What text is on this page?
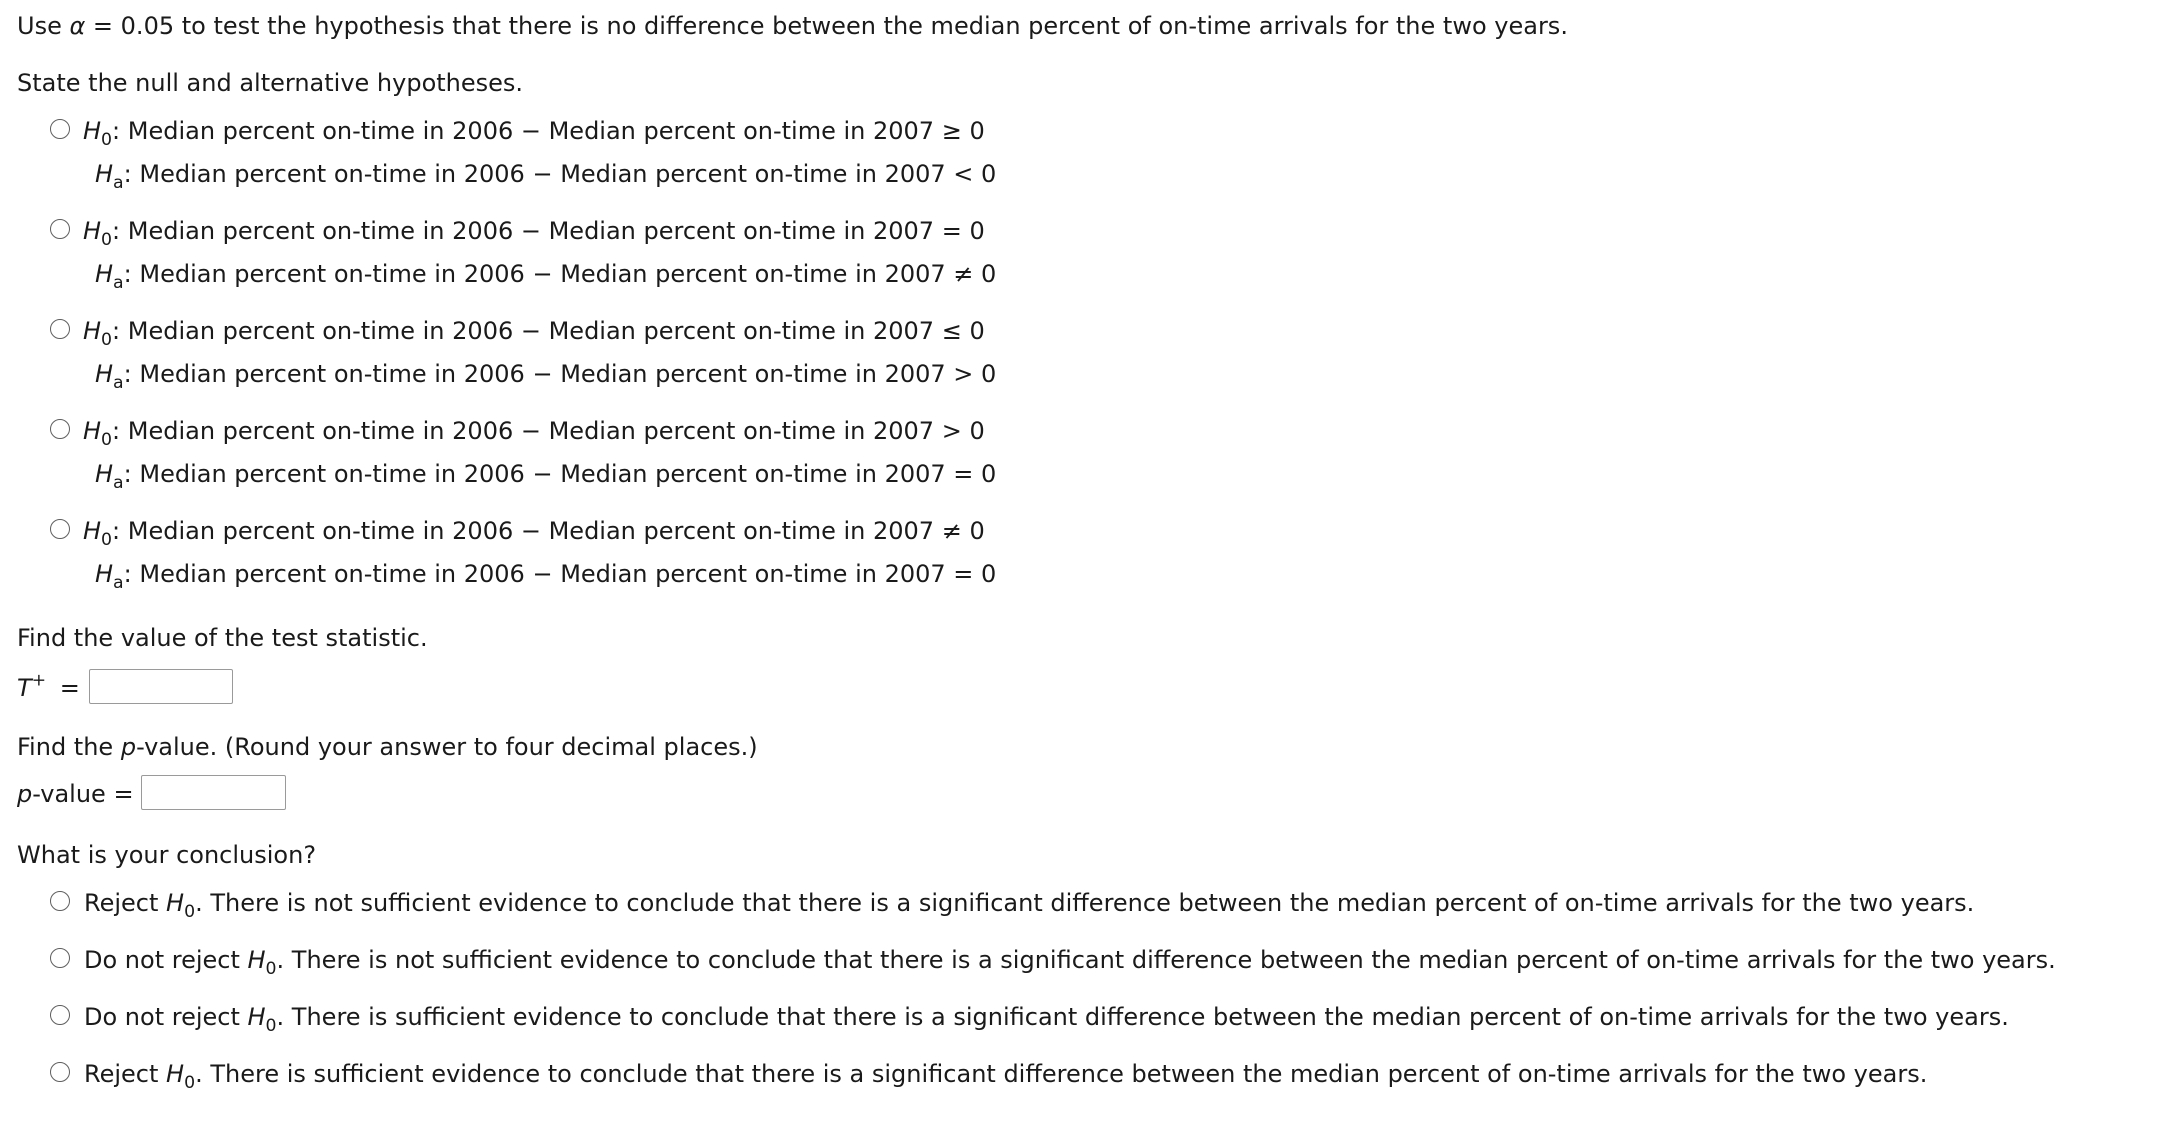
Use α = 0.05 to test the hypothesis that there is no difference between the median percent of on-time arrivals for the two years.
State the null and alternative hypotheses.
$H_0$: Median percent on-time in 2006 − Median percent on-time in 2007 ≥ 0
$H_a$: Median percent on-time in 2006 − Median percent on-time in 2007 < 0
$H_0$: Median percent on-time in 2006 − Median percent on-time in 2007 = 0
$H_a$: Median percent on-time in 2006 − Median percent on-time in 2007 ≠ 0
$H_0$: Median percent on-time in 2006 − Median percent on-time in 2007 ≤ 0
$H_a$: Median percent on-time in 2006 − Median percent on-time in 2007 > 0
$H_0$: Median percent on-time in 2006 − Median percent on-time in 2007 > 0
$H_a$: Median percent on-time in 2006 − Median percent on-time in 2007 = 0
$H_0$: Median percent on-time in 2006 − Median percent on-time in 2007 ≠ 0
$H_a$: Median percent on-time in 2006 − Median percent on-time in 2007 = 0
Find the value of the test statistic.
T+ =
Find the p-value. (Round your answer to four decimal places.)
p-value =
What is your conclusion?
Reject $H_0$. There is not sufficient evidence to conclude that there is a significant difference between the median percent of on-time arrivals for the two years.
Do not reject $H_0$. There is not sufficient evidence to conclude that there is a significant difference between the median percent of on-time arrivals for the two years.
Do not reject $H_0$. There is sufficient evidence to conclude that there is a significant difference between the median percent of on-time arrivals for the two years.
Reject $H_0$. There is sufficient evidence to conclude that there is a significant difference between the median percent of on-time arrivals for the two years.
